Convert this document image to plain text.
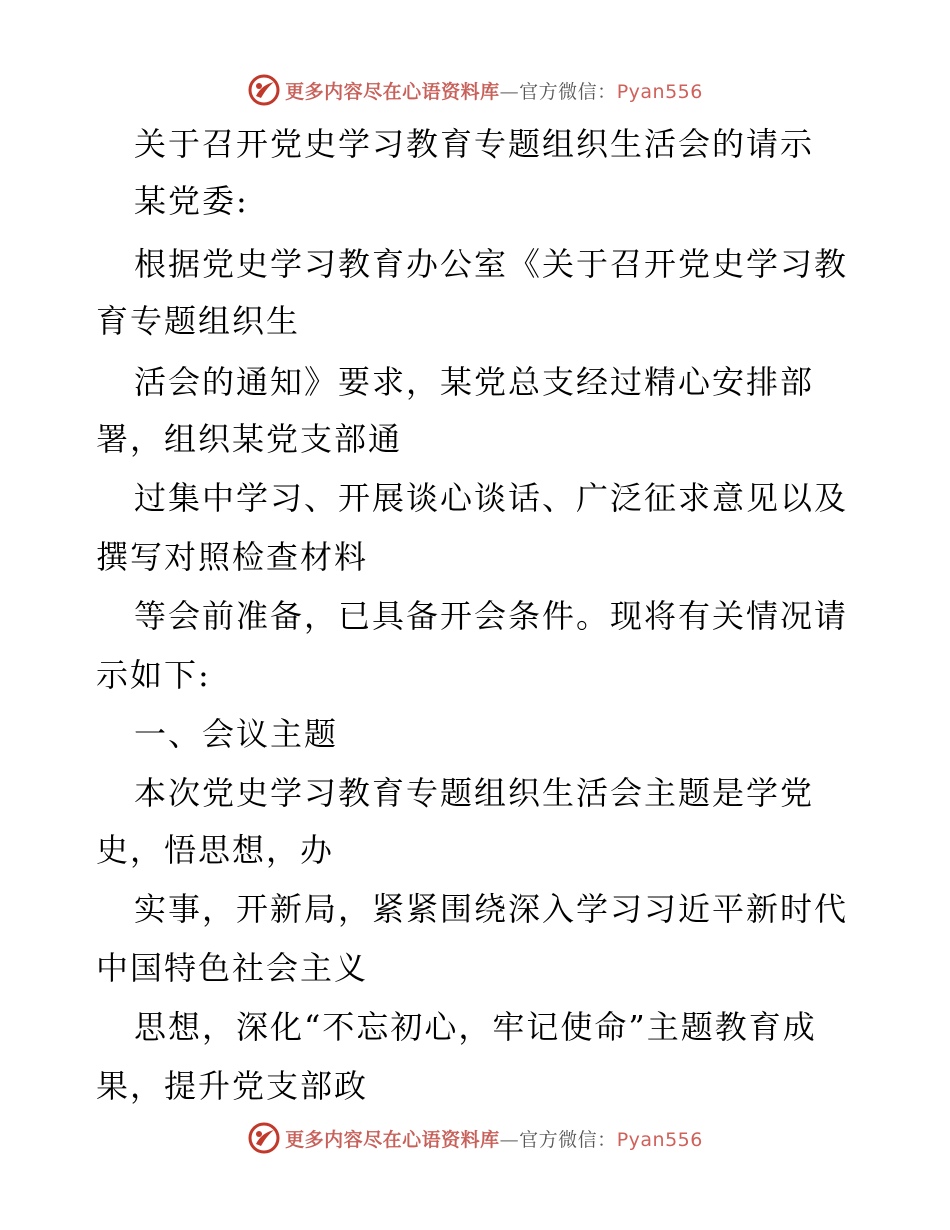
更多内容尽在心语资料库—官方微信：Pyan556
关于召开党史学习教育专题组织生活会的请示
某党委:
根据党史学习教育办公室《关于召开党史学习教
育专题组织生
活会的通知》要求，某党总支经过精心安排部
署，组织某党支部通
过集中学习、开展谈心谈话、广泛征求意见以及
撰写对照检查材料
等会前准备，已具备开会条件。现将有关情况请
示如下:
一、会议主题
本次党史学习教育专题组织生活会主题是学党
史，悟思想，办
实事，开新局，紧紧围绕深入学习习近平新时代
中国特色社会主义
思想，深化“不忘初心，牢记使命”主题教育成
果，提升党支部政
更多内容尽在心语资料库—官方微信：Pyan556
